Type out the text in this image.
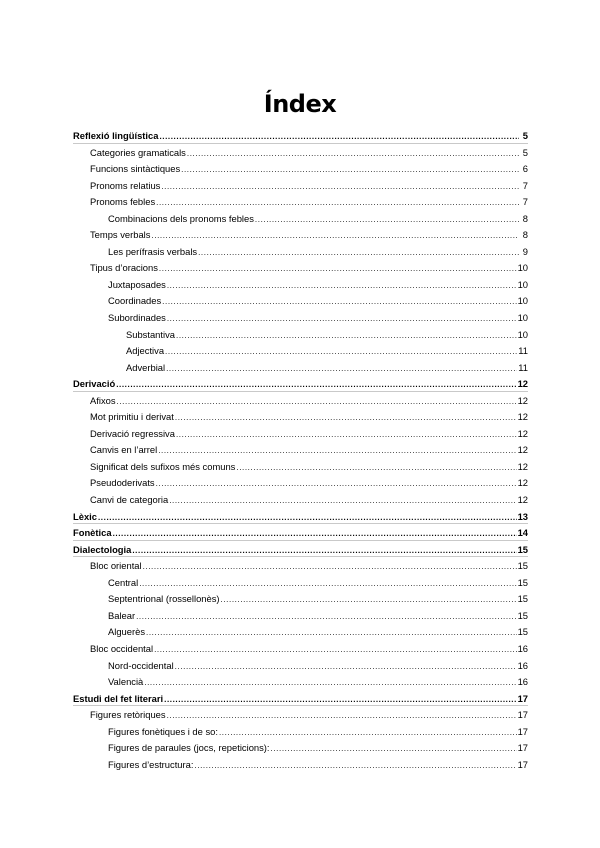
Índex
Reflexió lingüística .....	5
Categories gramaticals .....	5
Funcions sintàctiques .....	6
Pronoms relatius .....	7
Pronoms febles .....	7
Combinacions dels pronoms febles .....	8
Temps verbals .....	8
Les perífrasis verbals .....	9
Tipus d’oracions .....	10
Juxtaposades .....	10
Coordinades .....	10
Subordinades .....	10
Substantiva .....	10
Adjectiva .....	11
Adverbial .....	11
Derivació .....	12
Afixos .....	12
Mot primitiu i derivat .....	12
Derivació regressiva .....	12
Canvis en l’arrel .....	12
Significat dels sufixos més comuns .....	12
Pseudoderivats .....	12
Canvi de categoria .....	12
Lèxic .....	13
Fonètica .....	14
Dialectologia .....	15
Bloc oriental .....	15
Central .....	15
Septentrional (rossellonès) .....	15
Balear .....	15
Alguerès .....	15
Bloc occidental .....	16
Nord-occidental .....	16
Valencià .....	16
Estudi del fet literari .....	17
Figures retòriques .....	17
Figures fonètiques i de so: .....	17
Figures de paraules (jocs, repeticions): .....	17
Figures d’estructura: .....	17
